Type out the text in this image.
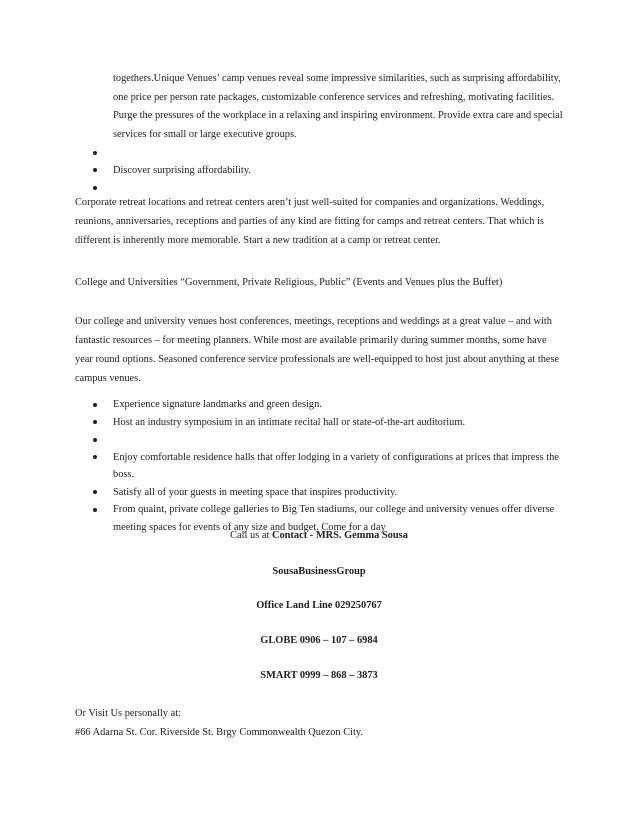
togethers.Unique Venues’ camp venues reveal some impressive similarities, such as surprising affordability, one price per person rate packages, customizable conference services and refreshing, motivating facilities. Purge the pressures of the workplace in a relaxing and inspiring environment. Provide extra care and special services for small or large executive groups.
Discover surprising affordability.
Corporate retreat locations and retreat centers aren’t just well-suited for companies and organizations. Weddings, reunions, anniversaries, receptions and parties of any kind are fitting for camps and retreat centers. That which is different is inherently more memorable. Start a new tradition at a camp or retreat center.
College and Universities “Government, Private Religious, Public” (Events and Venues plus the Buffet)
Our college and university venues host conferences, meetings, receptions and weddings at a great value – and with fantastic resources – for meeting planners. While most are available primarily during summer months, some have year round options. Seasoned conference service professionals are well-equipped to host just about anything at these campus venues.
Experience signature landmarks and green design.
Host an industry symposium in an intimate recital hall or state-of-the-art auditorium.
Enjoy comfortable residence halls that offer lodging in a variety of configurations at prices that impress the boss.
Satisfy all of your guests in meeting space that inspires productivity.
From quaint, private college galleries to Big Ten stadiums, our college and university venues offer diverse meeting spaces for events of any size and budget. Come for a day
Call us at Contact - MRS. Gemma Sousa
SousaBusinessGroup
Office Land Line 029250767
GLOBE 0906 – 107 – 6984
SMART 0999 – 868 – 3873
Or Visit Us personally at:
#66 Adarna St. Cor. Riverside St. Brgy Commonwealth Quezon City.
